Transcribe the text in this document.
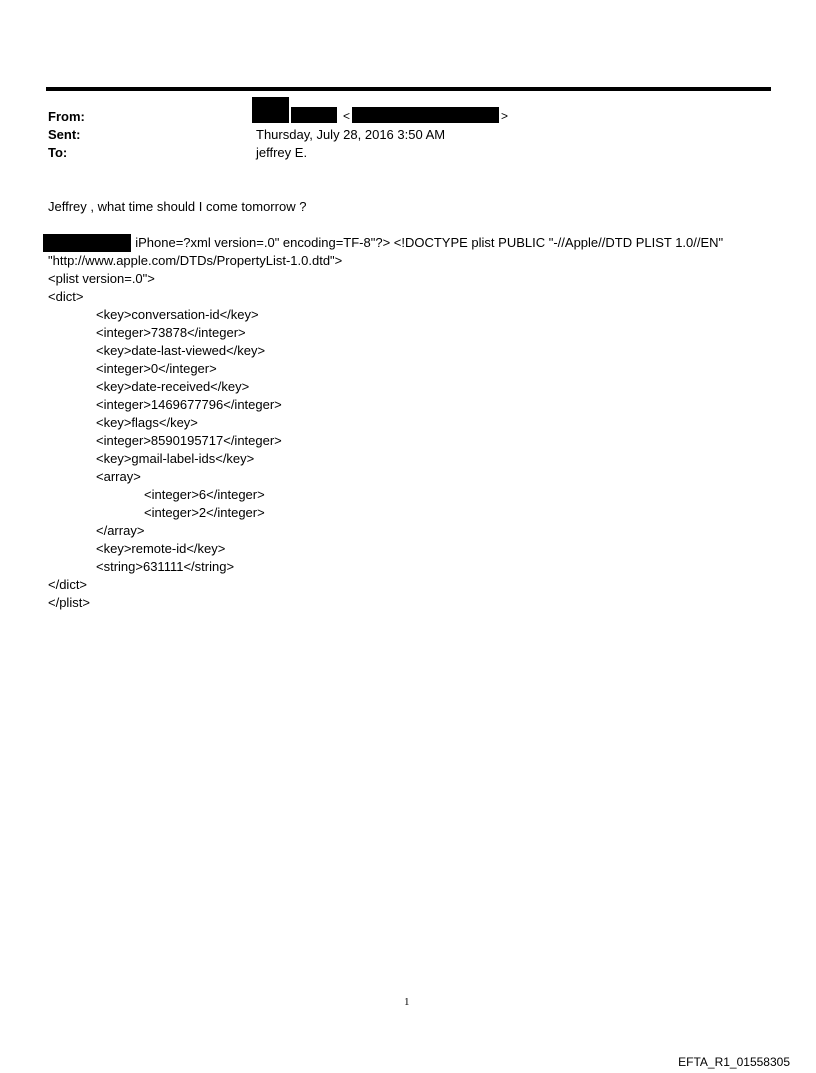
From:
Sent:
To:
<	>
Thursday, July 28, 2016 3:50 AM
jeffrey E.
Jeffrey , what time should I come tomorrow ?
: iPhone=?xml version=.0" encoding=TF-8"?> <!DOCTYPE plist PUBLIC "-//Apple//DTD PLIST 1.0//EN"
"http://www.apple.com/DTDs/PropertyList-1.0.dtd">
<plist version=.0">
<dict>
<key>conversation-id</key>
<integer>73878</integer>
<key>date-last-viewed</key>
<integer>0</integer>
<key>date-received</key>
<integer>1469677796</integer>
<key>flags</key>
<integer>8590195717</integer>
<key>gmail-label-ids</key>
<array>
<integer>6</integer>
<integer>2</integer>
</array>
<key>remote-id</key>
<string>631111</string>
</dict>
</plist>
1
EFTA_R1_01558305
